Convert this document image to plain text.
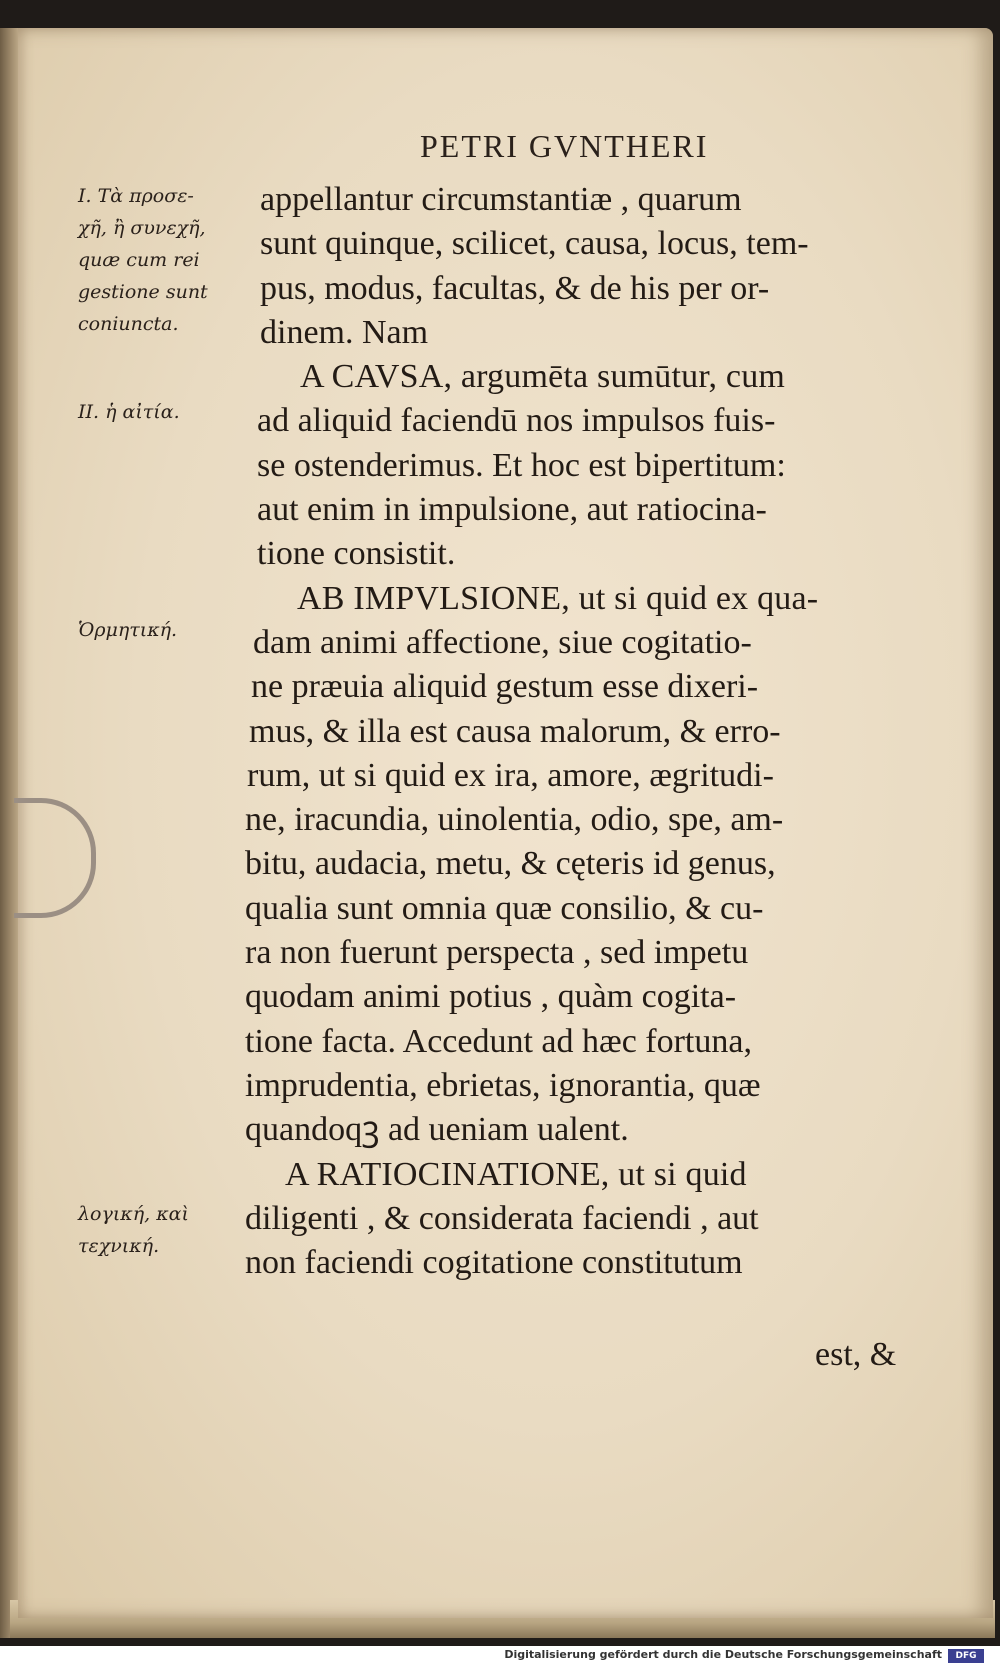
PETRI GVNTHERI
I. Τὰ προσε-
χῆ, ἢ συνεχῆ,
quæ cum rei
gestione sunt
coniuncta.
II. ἡ αἰτία.
Ὁρμητική.
λογική, καὶ
τεχνική.
appellantur circumstantiæ , quarum
sunt quinque, scilicet, causa, locus, tem-
pus, modus, facultas, & de his per or-
dinem. Nam
A CAVSA, argumēta sumūtur, cum
ad aliquid faciendū nos impulsos fuis-
se ostenderimus. Et hoc est bipertitum:
aut enim in impulsione, aut ratiocina-
tione consistit.
AB IMPVLSIONE, ut si quid ex qua-
dam animi affectione, siue cogitatio-
ne præuia aliquid gestum esse dixeri-
mus, & illa est causa malorum, & erro-
rum, ut si quid ex ira, amore, ægritudi-
ne, iracundia, uinolentia, odio, spe, am-
bitu, audacia, metu, & cęteris id genus,
qualia sunt omnia quæ consilio, & cu-
ra non fuerunt perspecta , sed impetu
quodam animi potius , quàm cogita-
tione facta. Accedunt ad hæc fortuna,
imprudentia, ebrietas, ignorantia, quæ
quandoqꝫ ad ueniam ualent.
A RATIOCINATIONE, ut si quid
diligenti , & considerata faciendi , aut
non faciendi cogitatione constitutum
est, &
Digitalisierung gefördert durch die Deutsche Forschungsgemeinschaft	DFG
